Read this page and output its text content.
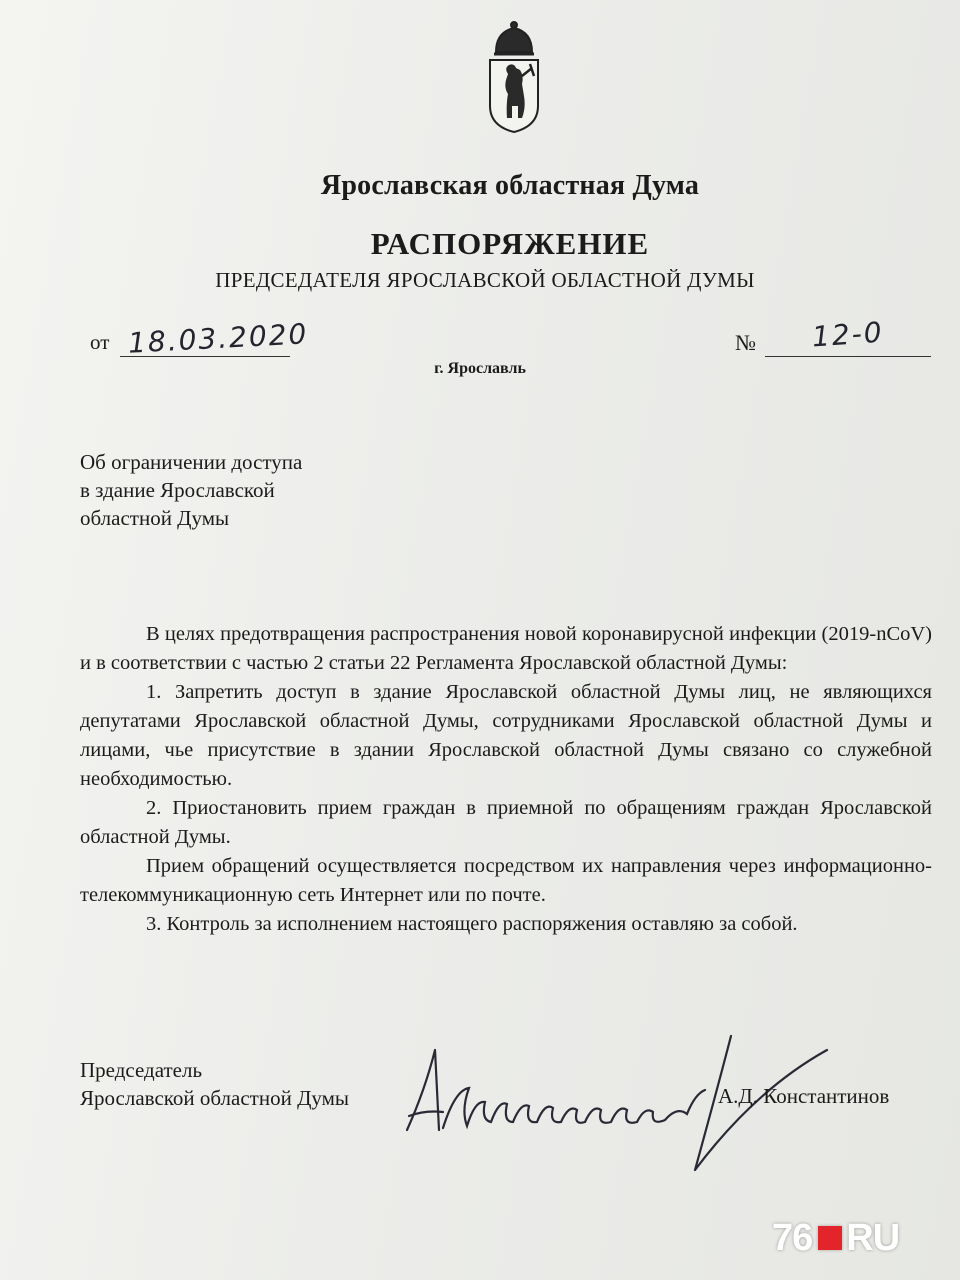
Ярославская областная Дума
РАСПОРЯЖЕНИЕ
ПРЕДСЕДАТЕЛЯ ЯРОСЛАВСКОЙ ОБЛАСТНОЙ ДУМЫ
от 18.03.2020	№ 12-0
г. Ярославль
Об ограничении доступа
в здание Ярославской
областной Думы

В целях предотвращения распространения новой коронавирусной инфекции (2019-nCoV) и в соответствии с частью 2 статьи 22 Регламента Ярославской областной Думы:

1. Запретить доступ в здание Ярославской областной Думы лиц, не являющихся депутатами Ярославской областной Думы, сотрудниками Ярославской областной Думы и лицами, чье присутствие в здании Ярославской областной Думы связано со служебной необходимостью.

2. Приостановить прием граждан в приемной по обращениям граждан Ярославской областной Думы.

Прием обращений осуществляется посредством их направления через информационно-телекоммуникационную сеть Интернет или по почте.

3. Контроль за исполнением настоящего распоряжения оставляю за собой.

Председатель
Ярославской областной Думы	А.Д. Константинов
76 RU
